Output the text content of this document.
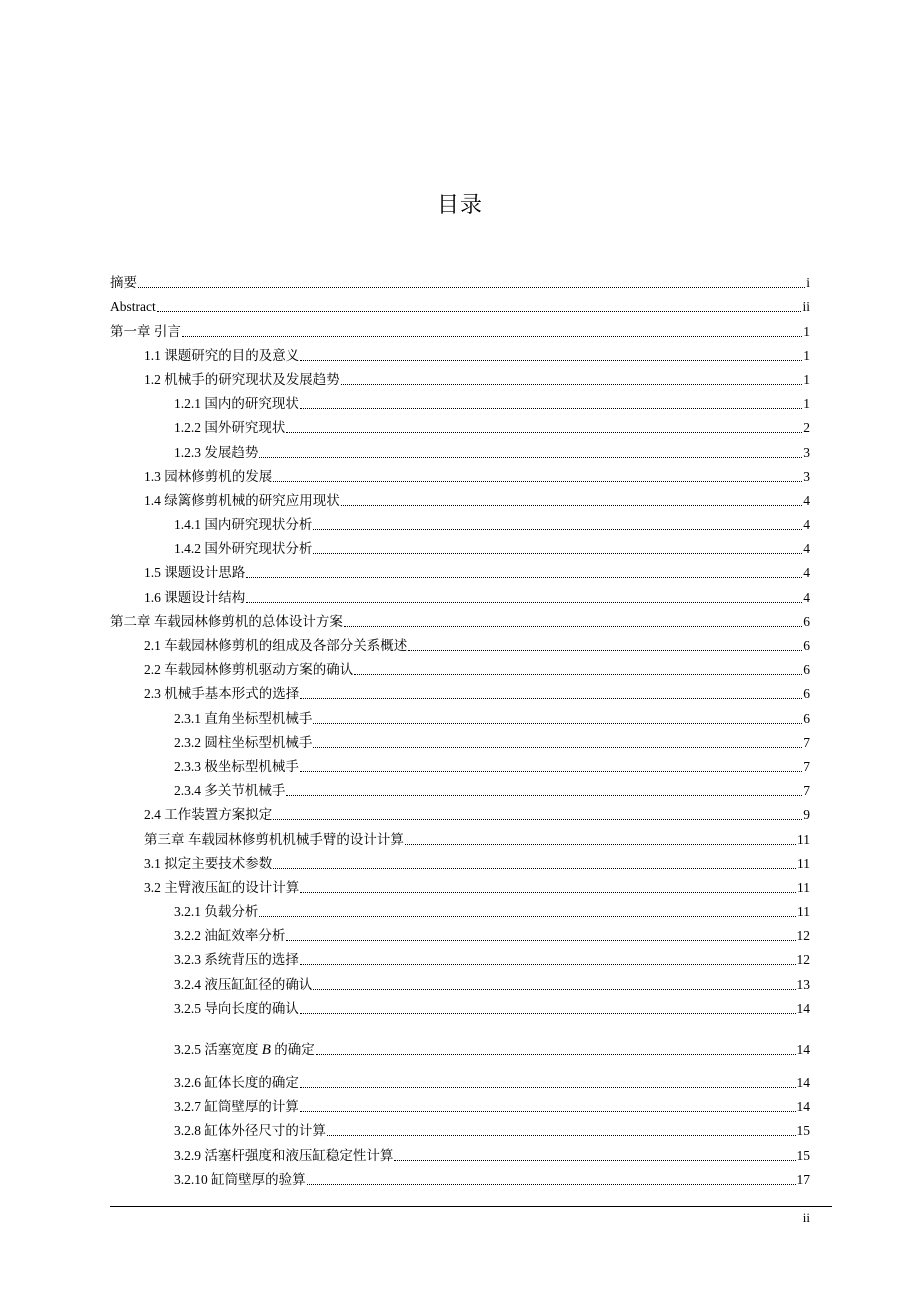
目录
摘要	i
Abstract	ii
第一章 引言	1
1.1 课题研究的目的及意义	1
1.2 机械手的研究现状及发展趋势	1
1.2.1 国内的研究现状	1
1.2.2 国外研究现状	2
1.2.3 发展趋势	3
1.3 园林修剪机的发展	3
1.4 绿篱修剪机械的研究应用现状	4
1.4.1 国内研究现状分析	4
1.4.2 国外研究现状分析	4
1.5 课题设计思路	4
1.6 课题设计结构	4
第二章 车载园林修剪机的总体设计方案	6
2.1 车载园林修剪机的组成及各部分关系概述	6
2.2 车载园林修剪机驱动方案的确认	6
2.3 机械手基本形式的选择	6
2.3.1 直角坐标型机械手	6
2.3.2 圆柱坐标型机械手	7
2.3.3 极坐标型机械手	7
2.3.4 多关节机械手	7
2.4 工作装置方案拟定	9
第三章 车载园林修剪机机械手臂的设计计算	11
3.1 拟定主要技术参数	11
3.2 主臂液压缸的设计计算	11
3.2.1 负载分析	11
3.2.2 油缸效率分析	12
3.2.3 系统背压的选择	12
3.2.4 液压缸缸径的确认	13
3.2.5 导向长度的确认	14
3.2.5 活塞宽度 B 的确定	14
3.2.6 缸体长度的确定	14
3.2.7 缸筒壁厚的计算	14
3.2.8 缸体外径尺寸的计算	15
3.2.9 活塞杆强度和液压缸稳定性计算	15
3.2.10 缸筒壁厚的验算	17
ii
